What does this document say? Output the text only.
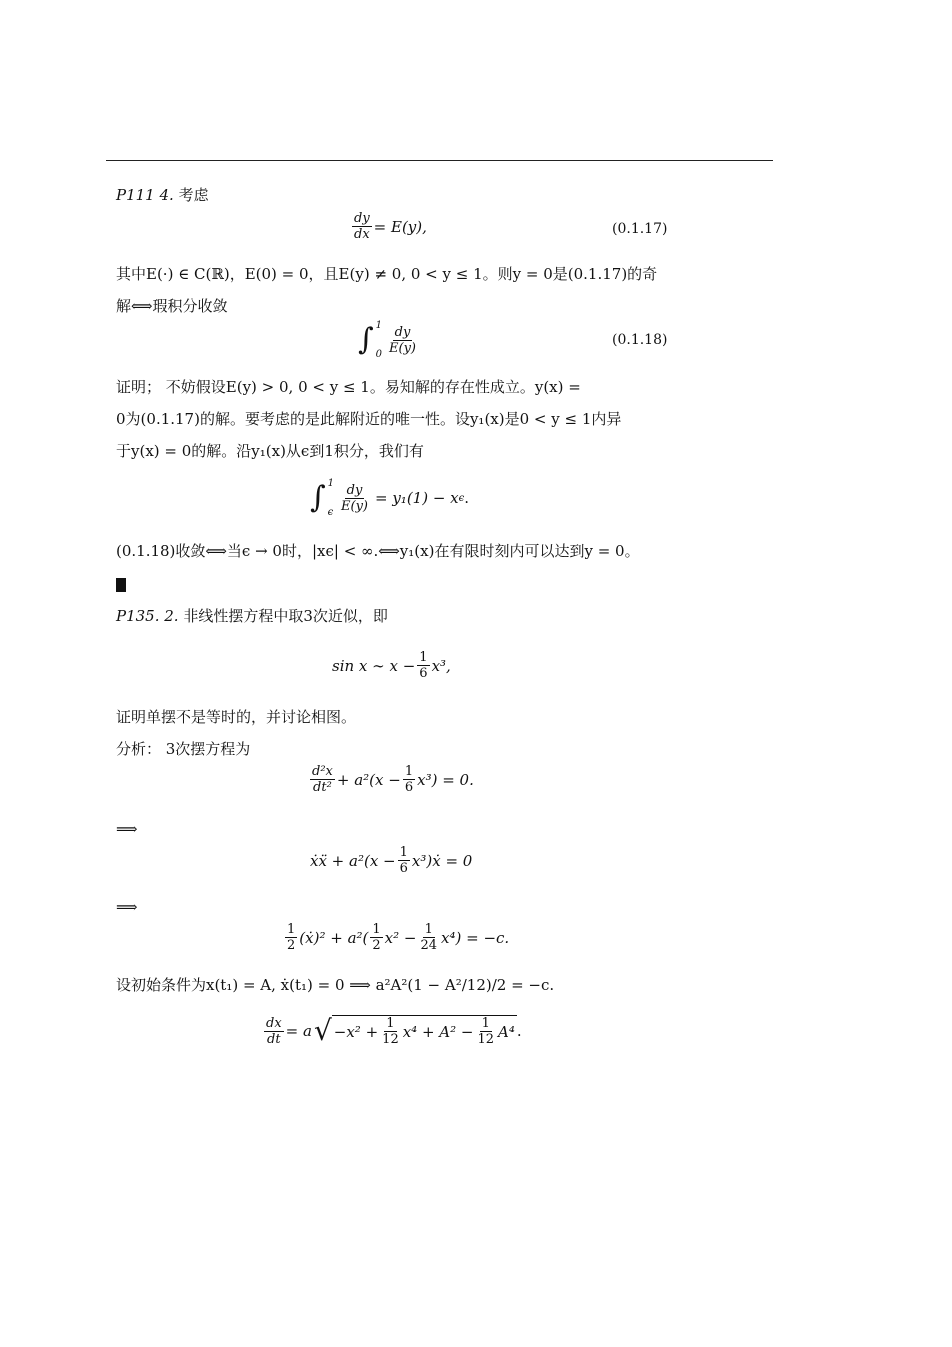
P111 4. 考虑
$\frac{dy}{dx} = E(y)$,	(0.1.17)
其中E(·) ∈ C(ℝ)，E(0) = 0，且E(y) ≠ 0, 0 < y ≤ 1。则y = 0是(0.1.17)的奇
解⟺瑕积分收敛
∫ 1
$0 \frac{dy}{E(y)}$	(0.1.18)
证明； 不妨假设E(y) > 0, 0 < y ≤ 1。易知解的存在性成立。y(x) =
0为(0.1.17)的解。要考虑的是此解附近的唯一性。设y₁(x)是0 < y ≤ 1内异
于y(x) = 0的解。沿y₁(x)从ϵ到1积分，我们有
∫ 1
ϵ $\frac{dy}{E(y)} = y_1(1) - x$ ϵ .
(0.1.18)收敛⟺当ϵ → 0时，|xϵ| < ∞.⟺y₁(x)在有限时刻内可以达到y = 0。
P135. 2. 非线性摆方程中取3次近似，即
sin x ∼ $x - \frac{1}{6} x^3$,
证明单摆不是等时的，并讨论相图。
分析： 3次摆方程为
$\frac{\text{d²x}}{\text{dt²}} + a^2(x - \frac{1}{6} x^3) = 0$.
⟹
ẋẍ + $a^2(x - \frac{1}{6}$ x³)ẋ = 0
⟹
$\frac{1}{2}$ (ẋ)² + $a^2( \frac{1}{2} x^2 - \frac{1}{24} x^4) = -c$.
设初始条件为x(t₁) = A, ẋ(t₁) = 0 ⟹ a²A²(1 − A²/12)/2 = −c.
$\frac{dx}{dt} = a$ √ $-x^2 + \frac{1}{12} x^4 + A^2 - \frac{1}{12} A^4$ .
